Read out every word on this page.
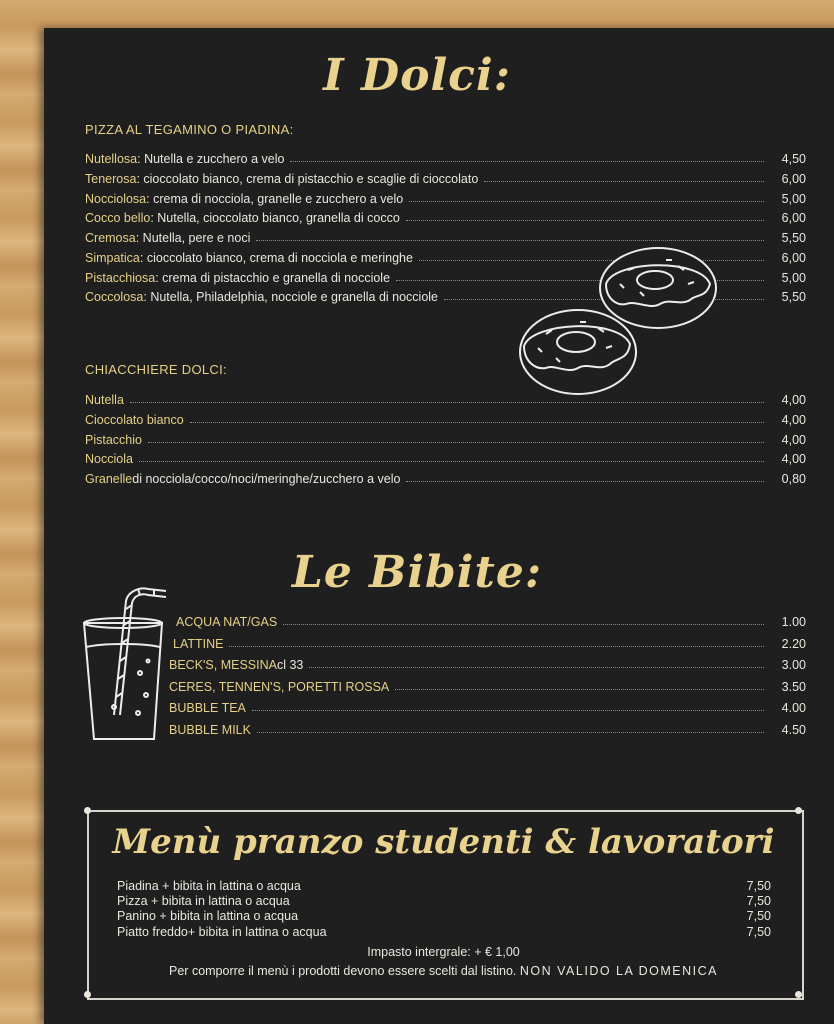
I Dolci:
PIZZA AL TEGAMINO O PIADINA:
Nutellosa : Nutella e zucchero a velo	4,50
Tenerosa : cioccolato bianco, crema di pistacchio e scaglie di cioccolato	6,00
Nocciolosa : crema di nocciola, granelle e zucchero a velo	5,00
Cocco bello : Nutella, cioccolato bianco, granella di cocco	6,00
Cremosa : Nutella, pere e noci	5,50
Simpatica : cioccolato bianco, crema di nocciola e meringhe	6,00
Pistacchiosa : crema di pistacchio e granella di nocciole	5,00
Coccolosa : Nutella, Philadelphia, nocciole e granella di nocciole	5,50
CHIACCHIERE DOLCI:
Nutella	4,00
Cioccolato bianco	4,00
Pistacchio	4,00
Nocciola	4,00
Granelle di nocciola/cocco/noci/meringhe/zucchero a velo	0,80
Le Bibite:
ACQUA NAT/GAS	1.00
LATTINE	2.20
BECK'S, MESSINA cl 33	3.00
CERES, TENNEN'S, PORETTI ROSSA	3.50
BUBBLE TEA	4.00
BUBBLE MILK	4.50
Menù pranzo studenti & lavoratori
Piadina + bibita in lattina o acqua	7,50
Pizza + bibita in lattina o acqua	7,50
Panino + bibita in lattina o acqua	7,50
Piatto freddo+ bibita in lattina o acqua	7,50
Impasto intergrale: + € 1,00
Per comporre il menù i prodotti devono essere scelti dal listino. NON VALIDO LA DOMENICA
